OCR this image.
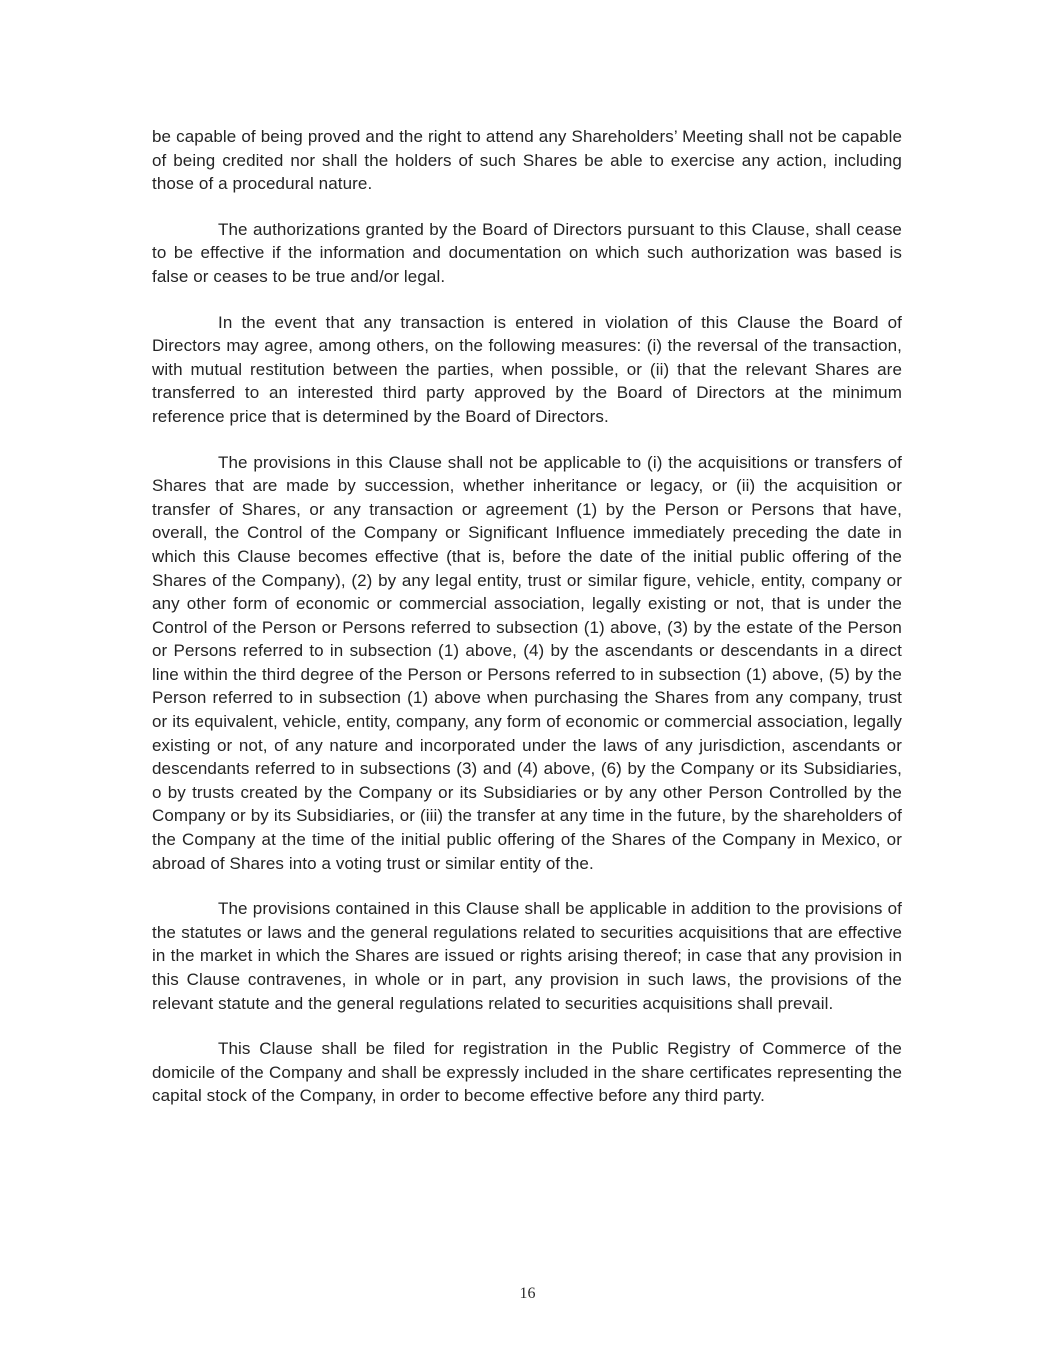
be capable of being proved and the right to attend any Shareholders’ Meeting shall not be capable of being credited nor shall the holders of such Shares be able to exercise any action, including those of a procedural nature.

The authorizations granted by the Board of Directors pursuant to this Clause, shall cease to be effective if the information and documentation on which such authorization was based is false or ceases to be true and/or legal.

In the event that any transaction is entered in violation of this Clause the Board of Directors may agree, among others, on the following measures: (i) the reversal of the transaction, with mutual restitution between the parties, when possible, or (ii) that the relevant Shares are transferred to an interested third party approved by the Board of Directors at the minimum reference price that is determined by the Board of Directors.

The provisions in this Clause shall not be applicable to (i) the acquisitions or transfers of Shares that are made by succession, whether inheritance or legacy, or (ii) the acquisition or transfer of Shares, or any transaction or agreement (1) by the Person or Persons that have, overall, the Control of the Company or Significant Influence immediately preceding the date in which this Clause becomes effective (that is, before the date of the initial public offering of the Shares of the Company), (2) by any legal entity, trust or similar figure, vehicle, entity, company or any other form of economic or commercial association, legally existing or not, that is under the Control of the Person or Persons referred to subsection (1) above, (3) by the estate of the Person or Persons referred to in subsection (1) above, (4) by the ascendants or descendants in a direct line within the third degree of the Person or Persons referred to in subsection (1) above, (5) by the Person referred to in subsection (1) above when purchasing the Shares from any company, trust or its equivalent, vehicle, entity, company, any form of economic or commercial association, legally existing or not, of any nature and incorporated under the laws of any jurisdiction, ascendants or descendants referred to in subsections (3) and (4) above, (6) by the Company or its Subsidiaries, o by trusts created by the Company or its Subsidiaries or by any other Person Controlled by the Company or by its Subsidiaries, or (iii) the transfer at any time in the future, by the shareholders of the Company at the time of the initial public offering of the Shares of the Company in Mexico, or abroad of Shares into a voting trust or similar entity of the.

The provisions contained in this Clause shall be applicable in addition to the provisions of the statutes or laws and the general regulations related to securities acquisitions that are effective in the market in which the Shares are issued or rights arising thereof; in case that any provision in this Clause contravenes, in whole or in part, any provision in such laws, the provisions of the relevant statute and the general regulations related to securities acquisitions shall prevail.

This Clause shall be filed for registration in the Public Registry of Commerce of the domicile of the Company and shall be expressly included in the share certificates representing the capital stock of the Company, in order to become effective before any third party.

16
